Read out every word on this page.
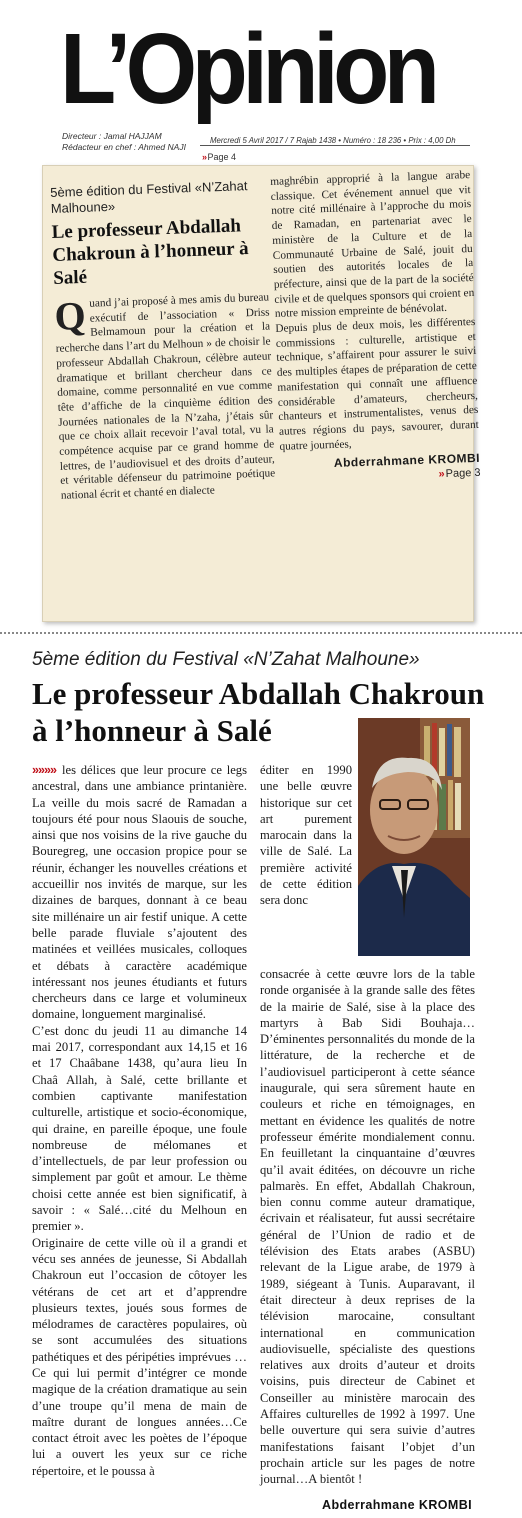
L’Opinion
Directeur : Jamal HAJJAM
Rédacteur en chef : Ahmed NAJI
Mercredi 5 Avril 2017 / 7 Rajab 1438 • Numéro : 18 236 • Prix : 4,00 Dh
» Page 4
5ème édition du Festival «N’Zahat Malhoune»
Le professeur Abdallah Chakroun à l’honneur à Salé
Quand j’ai proposé à mes amis du bureau exécutif de l’association « Driss Belmamoun pour la création et la recherche dans l’art du Melhoun » de choisir le professeur Abdallah Chakroun, célèbre auteur dramatique et brillant chercheur dans ce domaine, comme personnalité en vue comme tête d’affiche de la cinquième édition des Journées nationales de la N’zaha, j’étais sûr que ce choix allait recevoir l’aval total, vu la compétence acquise par ce grand homme de lettres, de l’audiovisuel et des droits d’auteur, et véritable défenseur du patrimoine poétique national écrit et chanté en dialecte
maghrébin approprié à la langue arabe classique. Cet événement annuel que vit notre cité millénaire à l’approche du mois de Ramadan, en partenariat avec le ministère de la Culture et de la Communauté Urbaine de Salé, jouit du soutien des autorités locales de la préfecture, ainsi que de la part de la société civile et de quelques sponsors qui croient en notre mission empreinte de bénévolat.
Depuis plus de deux mois, les différentes commissions : culturelle, artistique et technique, s’affairent pour assurer le suivi des multiples étapes de préparation de cette manifestation qui connaît une affluence considérable d’amateurs, chercheurs, chanteurs et instrumentalistes, venus des autres régions du pays, savourer, durant quatre journées,
Abderrahmane KROMBI
» Page 3
5ème édition du Festival «N’Zahat Malhoune»
Le professeur Abdallah Chakroun à l’honneur à Salé

»»»» les délices que leur procure ce legs ancestral, dans une ambiance printanière. La veille du mois sacré de Ramadan a toujours été pour nous Slaouis de souche, ainsi que nos voisins de la rive gauche du Bouregreg, une occasion propice pour se réunir, échanger les nouvelles créations et accueillir nos invités de marque, sur les dizaines de barques, donnant à ce beau site millénaire un air festif unique. A cette belle parade fluviale s’ajoutent des matinées et veillées musicales, colloques et débats à caractère académique intéressant nos jeunes étudiants et futurs chercheurs dans ce large et volumineux domaine, longuement marginalisé.

C’est donc du jeudi 11 au dimanche 14 mai 2017, correspondant aux 14,15 et 16 et 17 Chaâbane 1438, qu’aura lieu In Chaâ Allah, à Salé, cette brillante et combien captivante manifestation culturelle, artistique et socio-économique, qui draine, en pareille époque, une foule nombreuse de mélomanes et d’intellectuels, de par leur profession ou simplement par goût et amour. Le thème choisi cette année est bien significatif, à savoir : « Salé…cité du Melhoun en premier ».

Originaire de cette ville où il a grandi et vécu ses années de jeunesse, Si Abdallah Chakroun eut l’occasion de côtoyer les vétérans de cet art et d’apprendre plusieurs textes, joués sous formes de mélodrames de caractères populaires, où se sont accumulées des situations pathétiques et des péripéties imprévues … Ce qui lui permit d’intégrer ce monde magique de la création dramatique au sein d’une troupe qu’il mena de main de maître durant de longues années…Ce contact étroit avec les poètes de l’époque lui a ouvert les yeux sur ce riche répertoire, et le poussa à

éditer en 1990 une belle œuvre historique sur cet art purement marocain dans la ville de Salé. La première activité de cette édition sera donc

consacrée à cette œuvre lors de la table ronde organisée à la grande salle des fêtes de la mairie de Salé, sise à la place des martyrs à Bab Sidi Bouhaja…D’éminentes personnalités du monde de la littérature, de la recherche et de l’audiovisuel participeront à cette séance inaugurale, qui sera sûrement haute en couleurs et riche en témoignages, en mettant en évidence les qualités de notre professeur émérite mondialement connu. En feuilletant la cinquantaine d’œuvres qu’il avait éditées, on découvre un riche palmarès. En effet, Abdallah Chakroun, bien connu comme auteur dramatique, écrivain et réalisateur, fut aussi secrétaire général de l’Union de radio et de télévision des Etats arabes (ASBU) relevant de la Ligue arabe, de 1979 à 1989, siégeant à Tunis. Auparavant, il était directeur à deux reprises de la télévision marocaine, consultant international en communication audiovisuelle, spécialiste des questions relatives aux droits d’auteur et droits voisins, puis directeur de Cabinet et Conseiller au ministère marocain des Affaires culturelles de 1992 à 1997. Une belle ouverture qui sera suivie d’autres manifestations faisant l’objet d’un prochain article sur les pages de notre journal…A bientôt !

Abderrahmane KROMBI
